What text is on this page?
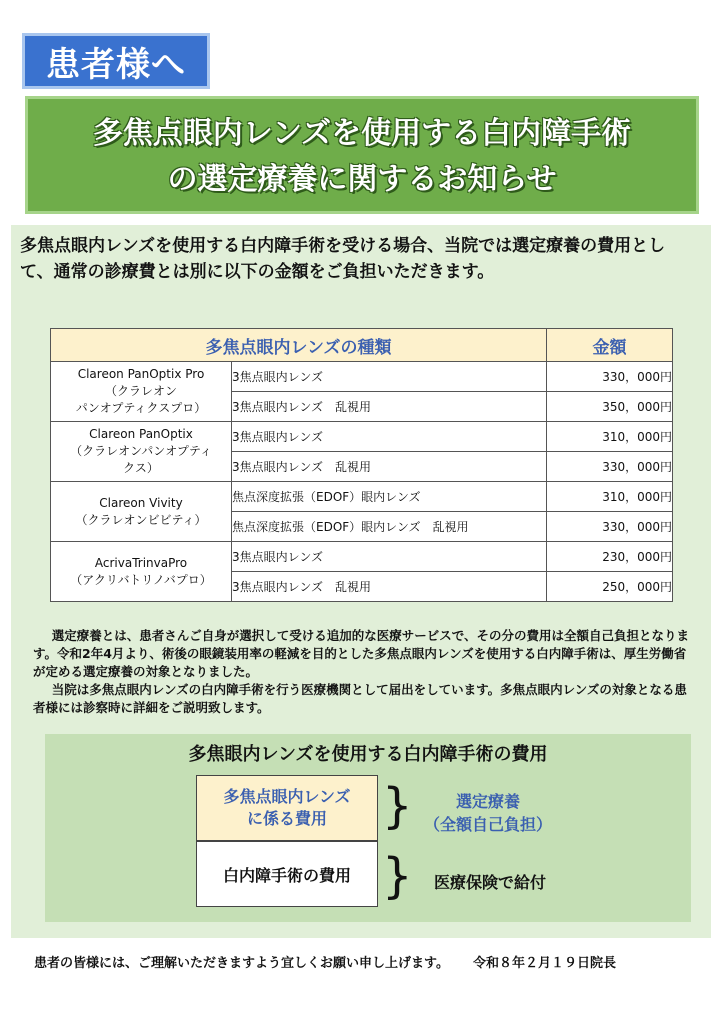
患者様へ
多焦点眼内レンズを使用する白内障手術
の選定療養に関するお知らせ
多焦点眼内レンズを使用する白内障手術を受ける場合、当院では選定療養の費用として、通常の診療費とは別に以下の金額をご負担いただきます。
多焦点眼内レンズの種類		金額

Clareon PanOptix Pro
（クラレオン
パンオプティクスプロ）	3焦点眼内レンズ	330，000円
	3焦点眼内レンズ　乱視用	350，000円

Clareon PanOptix
（クラレオンパンオプティ
クス）	3焦点眼内レンズ	310，000円
	3焦点眼内レンズ　乱視用	330，000円

Clareon Vivity
（クラレオンビビティ）	焦点深度拡張（EDOF）眼内レンズ	310，000円
	焦点深度拡張（EDOF）眼内レンズ　乱視用	330，000円

AcrivaTrinvaPro
（アクリバトリノバプロ）	3焦点眼内レンズ	230，000円
	3焦点眼内レンズ　乱視用	250，000円

選定療養とは、患者さんご自身が選択して受ける追加的な医療サービスで、その分の費用は全額自己負担となります。令和2年4月より、術後の眼鏡装用率の軽減を目的とした多焦点眼内レンズを使用する白内障手術は、厚生労働省が定める選定療養の対象となりました。

当院は多焦点眼内レンズの白内障手術を行う医療機関として届出をしています。多焦点眼内レンズの対象となる患者様には診察時に詳細をご説明致します。

多焦眼内レンズを使用する白内障手術の費用
多焦点眼内レンズ
に係る費用
白内障手術の費用
}
}
選定療養
（全額自己負担）
医療保険で給付
患者の皆様には、ご理解いただきますよう宜しくお願い申し上げます。 令和８年２月１９日院長
